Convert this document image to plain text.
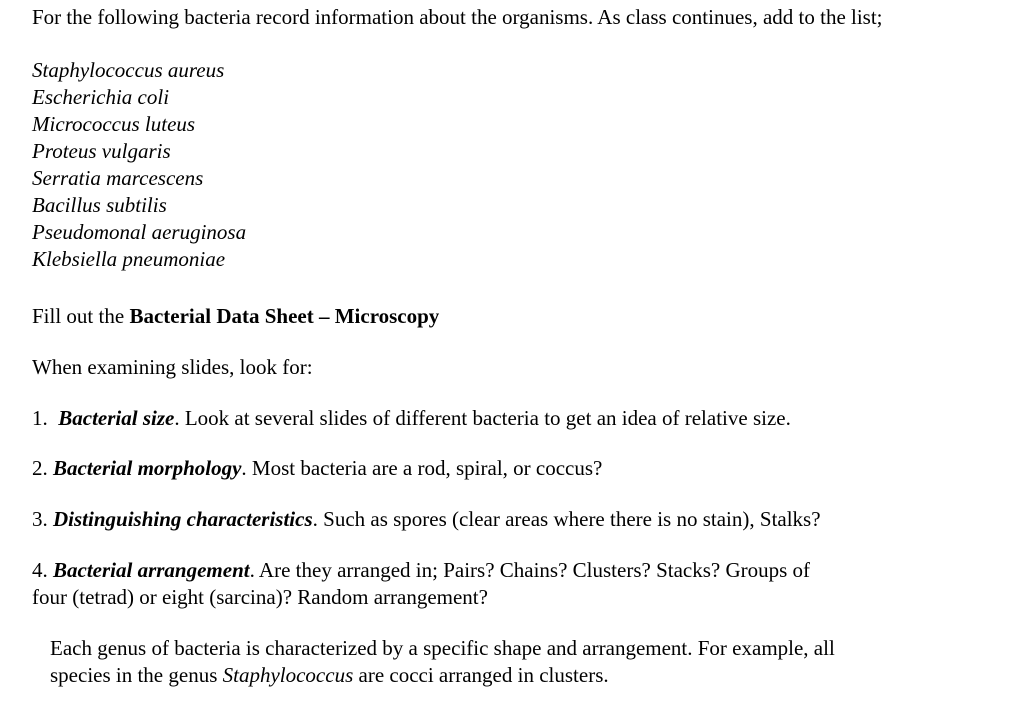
For the following bacteria record information about the organisms. As class continues, add to the list;
Staphylococcus aureus
Escherichia coli
Micrococcus luteus
Proteus vulgaris
Serratia marcescens
Bacillus subtilis
Pseudomonal aeruginosa
Klebsiella pneumoniae
Fill out the Bacterial Data Sheet – Microscopy
When examining slides, look for:
1. Bacterial size. Look at several slides of different bacteria to get an idea of relative size.
2. Bacterial morphology. Most bacteria are a rod, spiral, or coccus?
3. Distinguishing characteristics. Such as spores (clear areas where there is no stain), Stalks?
4. Bacterial arrangement. Are they arranged in; Pairs? Chains? Clusters? Stacks? Groups of
four (tetrad) or eight (sarcina)? Random arrangement?
Each genus of bacteria is characterized by a specific shape and arrangement. For example, all
species in the genus Staphylococcus are cocci arranged in clusters.
